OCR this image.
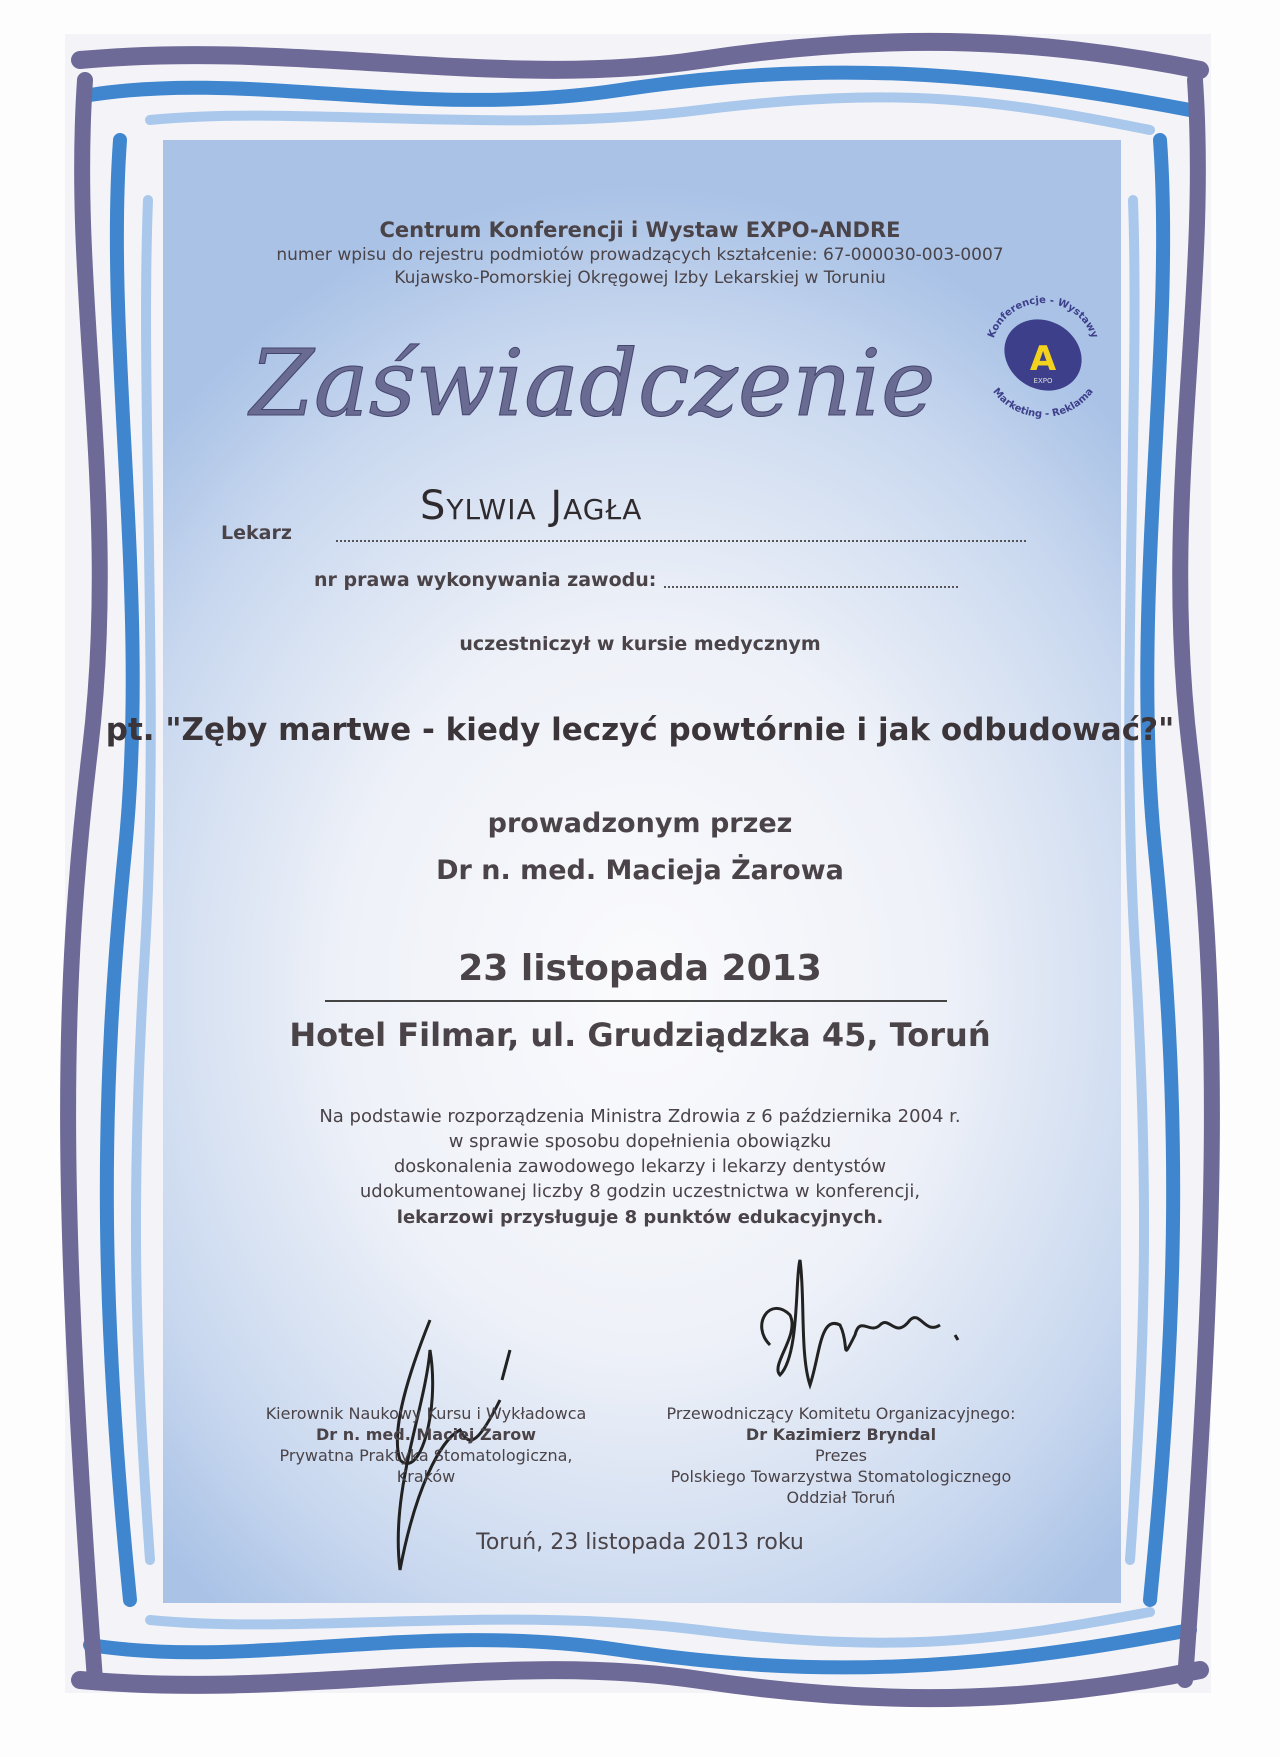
Centrum Konferencji i Wystaw EXPO-ANDRE
numer wpisu do rejestru podmiotów prowadzących kształcenie: 67-000030-003-0007
Kujawsko-Pomorskiej Okręgowej Izby Lekarskiej w Toruniu
A
EXPO
Konferencje - Wystawy
Marketing - Reklama
Zaświadczenie
Lekarz
Sylwia Jagła
nr prawa wykonywania zawodu:
uczestniczył w kursie medycznym
pt. "Zęby martwe - kiedy leczyć powtórnie i jak odbudować?"
prowadzonym przez
Dr n. med. Macieja Żarowa
23 listopada 2013
Hotel Filmar, ul. Grudziądzka 45, Toruń
Na podstawie rozporządzenia Ministra Zdrowia z 6 października 2004 r.
w sprawie sposobu dopełnienia obowiązku
doskonalenia zawodowego lekarzy i lekarzy dentystów
udokumentowanej liczby 8 godzin uczestnictwa w konferencji,
lekarzowi przysługuje 8 punktów edukacyjnych.
Kierownik Naukowy Kursu i Wykładowca
Dr n. med. Maciej Żarow
Prywatna Praktyka Stomatologiczna,
Kraków
Przewodniczący Komitetu Organizacyjnego:
Dr Kazimierz Bryndal
Prezes
Polskiego Towarzystwa Stomatologicznego
Oddział Toruń
Toruń, 23 listopada 2013 roku
